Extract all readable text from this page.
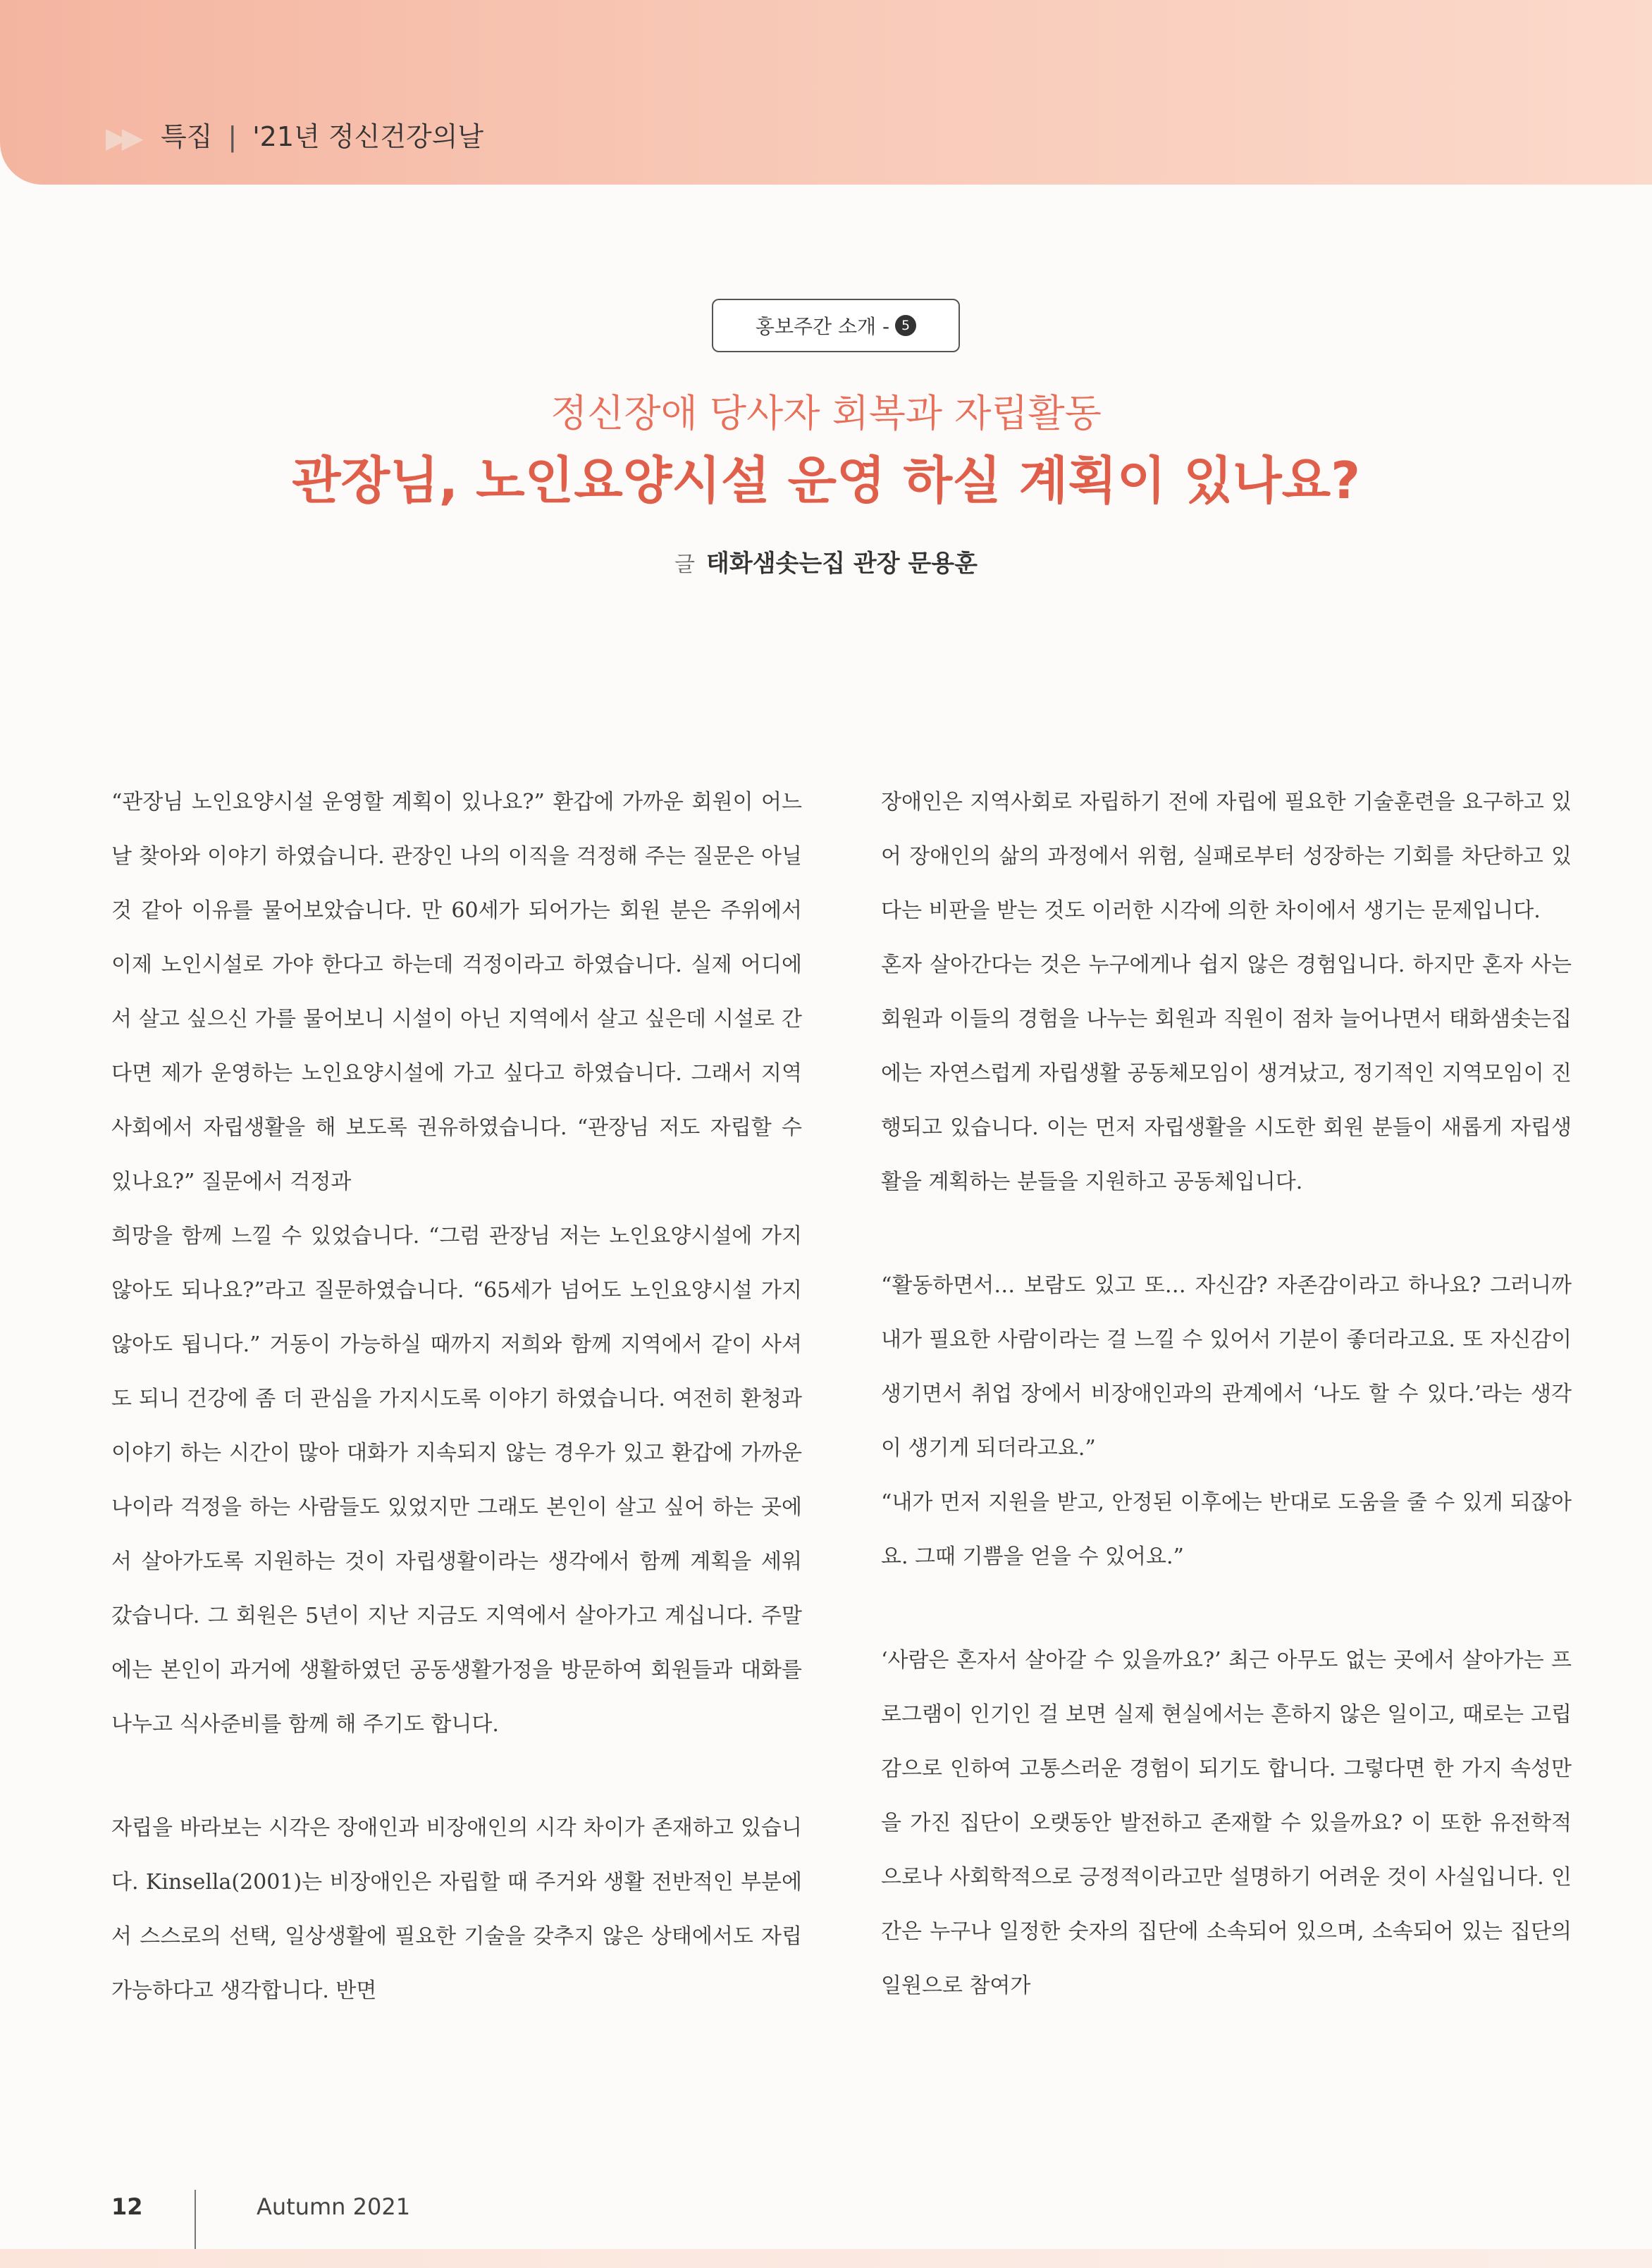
▶▶ 특집 | '21년 정신건강의날
홍보주간 소개 - 5
정신장애 당사자 회복과 자립활동
관장님, 노인요양시설 운영 하실 계획이 있나요?
글 태화샘솟는집 관장 문용훈

“관장님 노인요양시설 운영할 계획이 있나요?” 환갑에 가까운 회원이 어느 날 찾아와 이야기 하였습니다. 관장인 나의 이직을 걱정해 주는 질문은 아닐 것 같아 이유를 물어보았습니다. 만 60세가 되어가는 회원 분은 주위에서 이제 노인시설로 가야 한다고 하는데 걱정이라고 하였습니다. 실제 어디에서 살고 싶으신 가를 물어보니 시설이 아닌 지역에서 살고 싶은데 시설로 간다면 제가 운영하는 노인요양시설에 가고 싶다고 하였습니다. 그래서 지역사회에서 자립생활을 해 보도록 권유하였습니다. “관장님 저도 자립할 수 있나요?” 질문에서 걱정과

희망을 함께 느낄 수 있었습니다. “그럼 관장님 저는 노인요양시설에 가지 않아도 되나요?”라고 질문하였습니다. “65세가 넘어도 노인요양시설 가지 않아도 됩니다.” 거동이 가능하실 때까지 저희와 함께 지역에서 같이 사셔도 되니 건강에 좀 더 관심을 가지시도록 이야기 하였습니다. 여전히 환청과 이야기 하는 시간이 많아 대화가 지속되지 않는 경우가 있고 환갑에 가까운 나이라 걱정을 하는 사람들도 있었지만 그래도 본인이 살고 싶어 하는 곳에서 살아가도록 지원하는 것이 자립생활이라는 생각에서 함께 계획을 세워 갔습니다. 그 회원은 5년이 지난 지금도 지역에서 살아가고 계십니다. 주말에는 본인이 과거에 생활하였던 공동생활가정을 방문하여 회원들과 대화를 나누고 식사준비를 함께 해 주기도 합니다.

자립을 바라보는 시각은 장애인과 비장애인의 시각 차이가 존재하고 있습니다. Kinsella(2001)는 비장애인은 자립할 때 주거와 생활 전반적인 부분에서 스스로의 선택, 일상생활에 필요한 기술을 갖추지 않은 상태에서도 자립 가능하다고 생각합니다. 반면

장애인은 지역사회로 자립하기 전에 자립에 필요한 기술훈련을 요구하고 있어 장애인의 삶의 과정에서 위험, 실패로부터 성장하는 기회를 차단하고 있다는 비판을 받는 것도 이러한 시각에 의한 차이에서 생기는 문제입니다.

혼자 살아간다는 것은 누구에게나 쉽지 않은 경험입니다. 하지만 혼자 사는 회원과 이들의 경험을 나누는 회원과 직원이 점차 늘어나면서 태화샘솟는집에는 자연스럽게 자립생활 공동체모임이 생겨났고, 정기적인 지역모임이 진행되고 있습니다. 이는 먼저 자립생활을 시도한 회원 분들이 새롭게 자립생활을 계획하는 분들을 지원하고 공동체입니다.

“활동하면서… 보람도 있고 또… 자신감? 자존감이라고 하나요? 그러니까 내가 필요한 사람이라는 걸 느낄 수 있어서 기분이 좋더라고요. 또 자신감이 생기면서 취업 장에서 비장애인과의 관계에서 ‘나도 할 수 있다.’라는 생각이 생기게 되더라고요.”

“내가 먼저 지원을 받고, 안정된 이후에는 반대로 도움을 줄 수 있게 되잖아요. 그때 기쁨을 얻을 수 있어요.”

‘사람은 혼자서 살아갈 수 있을까요?’ 최근 아무도 없는 곳에서 살아가는 프로그램이 인기인 걸 보면 실제 현실에서는 흔하지 않은 일이고, 때로는 고립감으로 인하여 고통스러운 경험이 되기도 합니다. 그렇다면 한 가지 속성만을 가진 집단이 오랫동안 발전하고 존재할 수 있을까요? 이 또한 유전학적으로나 사회학적으로 긍정적이라고만 설명하기 어려운 것이 사실입니다. 인간은 누구나 일정한 숫자의 집단에 소속되어 있으며, 소속되어 있는 집단의 일원으로 참여가

12	Autumn 2021
